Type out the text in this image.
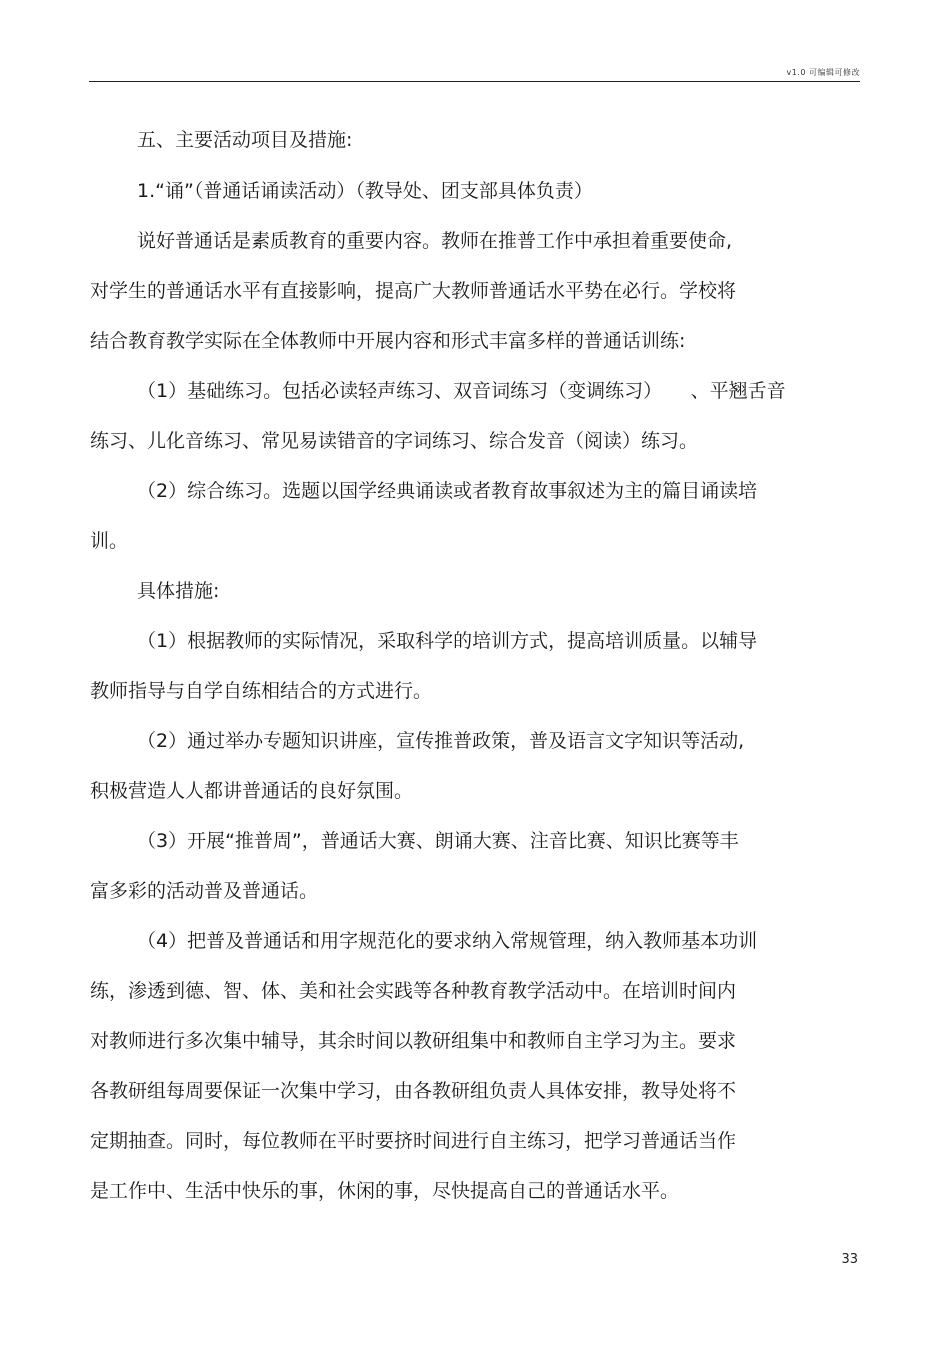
v1.0 可编辑可修改
五、主要活动项目及措施:
1.“诵”（普通话诵读活动）（教导处、团支部具体负责）
说好普通话是素质教育的重要内容。教师在推普工作中承担着重要使命,
对学生的普通话水平有直接影响，提高广大教师普通话水平势在必行。学校将
结合教育教学实际在全体教师中开展内容和形式丰富多样的普通话训练:
（1）基础练习。包括必读轻声练习、双音词练习（变调练习）　　、平翘舌音
练习、儿化音练习、常见易读错音的字词练习、综合发音（阅读）练习。
（2）综合练习。选题以国学经典诵读或者教育故事叙述为主的篇目诵读培
训。
具体措施:
（1）根据教师的实际情况，采取科学的培训方式，提高培训质量。以辅导
教师指导与自学自练相结合的方式进行。
（2）通过举办专题知识讲座，宣传推普政策，普及语言文字知识等活动,
积极营造人人都讲普通话的良好氛围。
（3）开展“推普周”，普通话大赛、朗诵大赛、注音比赛、知识比赛等丰
富多彩的活动普及普通话。
（4）把普及普通话和用字规范化的要求纳入常规管理，纳入教师基本功训
练，渗透到德、智、体、美和社会实践等各种教育教学活动中。在培训时间内
对教师进行多次集中辅导，其余时间以教研组集中和教师自主学习为主。要求
各教研组每周要保证一次集中学习，由各教研组负责人具体安排，教导处将不
定期抽查。同时，每位教师在平时要挤时间进行自主练习，把学习普通话当作
是工作中、生活中快乐的事，休闲的事，尽快提高自己的普通话水平。
33
